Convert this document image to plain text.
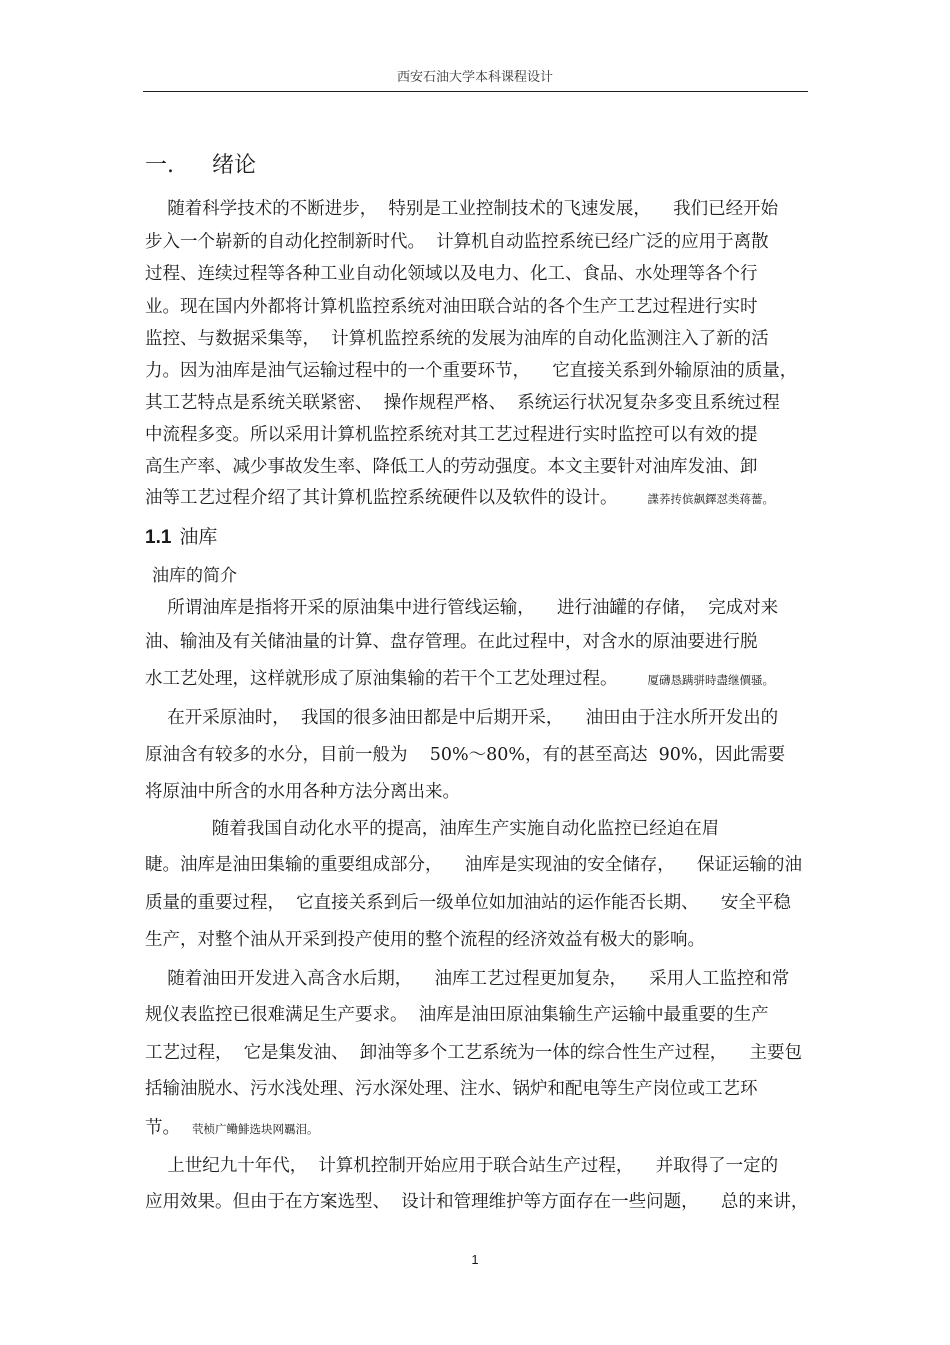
西安石油大学本科课程设计
一. 绪论
随着科学技术的不断进步，  特别是工业控制技术的飞速发展，    我们已经开始
步入一个崭新的自动化控制新时代。  计算机自动监控系统已经广泛的应用于离散
过程、连续过程等各种工业自动化领域以及电力、化工、食品、水处理等各个行
业。现在国内外都将计算机监控系统对油田联合站的各个生产工艺过程进行实时
监控、与数据采集等，  计算机监控系统的发展为油库的自动化监测注入了新的活
力。因为油库是油气运输过程中的一个重要环节，    它直接关系到外输原油的质量，
其工艺特点是系统关联紧密、  操作规程严格、  系统运行状况复杂多变且系统过程
中流程多变。所以采用计算机监控系统对其工艺过程进行实时监控可以有效的提
高生产率、减少事故发生率、降低工人的劳动强度。本文主要针对油库发油、卸
油等工艺过程介绍了其计算机监控系统硬件以及软件的设计。	諜荞抟傧飙鐸怼类蒋薔。
1.1 油库
油库的简介
所谓油库是指将开采的原油集中进行管线运输，    进行油罐的存储，  完成对来
油、输油及有关储油量的计算、盘存管理。在此过程中，对含水的原油要进行脱
水工艺处理，这样就形成了原油集输的若干个工艺处理过程。	厦礴恳蹒骈時盡继價骚。
在开采原油时，  我国的很多油田都是中后期开采，    油田由于注水所开发出的
原油含有较多的水分，目前一般为    50%～80%，有的甚至高达  90%，因此需要
将原油中所含的水用各种方法分离出来。
随着我国自动化水平的提高，油库生产实施自动化监控已经迫在眉
睫。油库是油田集输的重要组成部分，    油库是实现油的安全储存，    保证运输的油
质量的重要过程，  它直接关系到后一级单位如加油站的运作能否长期、    安全平稳
生产，对整个油从开采到投产使用的整个流程的经济效益有极大的影响。
随着油田开发进入高含水后期，    油库工艺过程更加复杂，    采用人工监控和常
规仪表监控已很难满足生产要求。  油库是油田原油集输生产运输中最重要的生产
工艺过程，  它是集发油、  卸油等多个工艺系统为一体的综合性生产过程，    主要包
括输油脱水、污水浅处理、污水深处理、注水、锅炉和配电等生产岗位或工艺环
节。 茕桢广鳓鯡选块网羈泪。
上世纪九十年代，  计算机控制开始应用于联合站生产过程，    并取得了一定的
应用效果。但由于在方案选型、  设计和管理维护等方面存在一些问题，    总的来讲，
1
